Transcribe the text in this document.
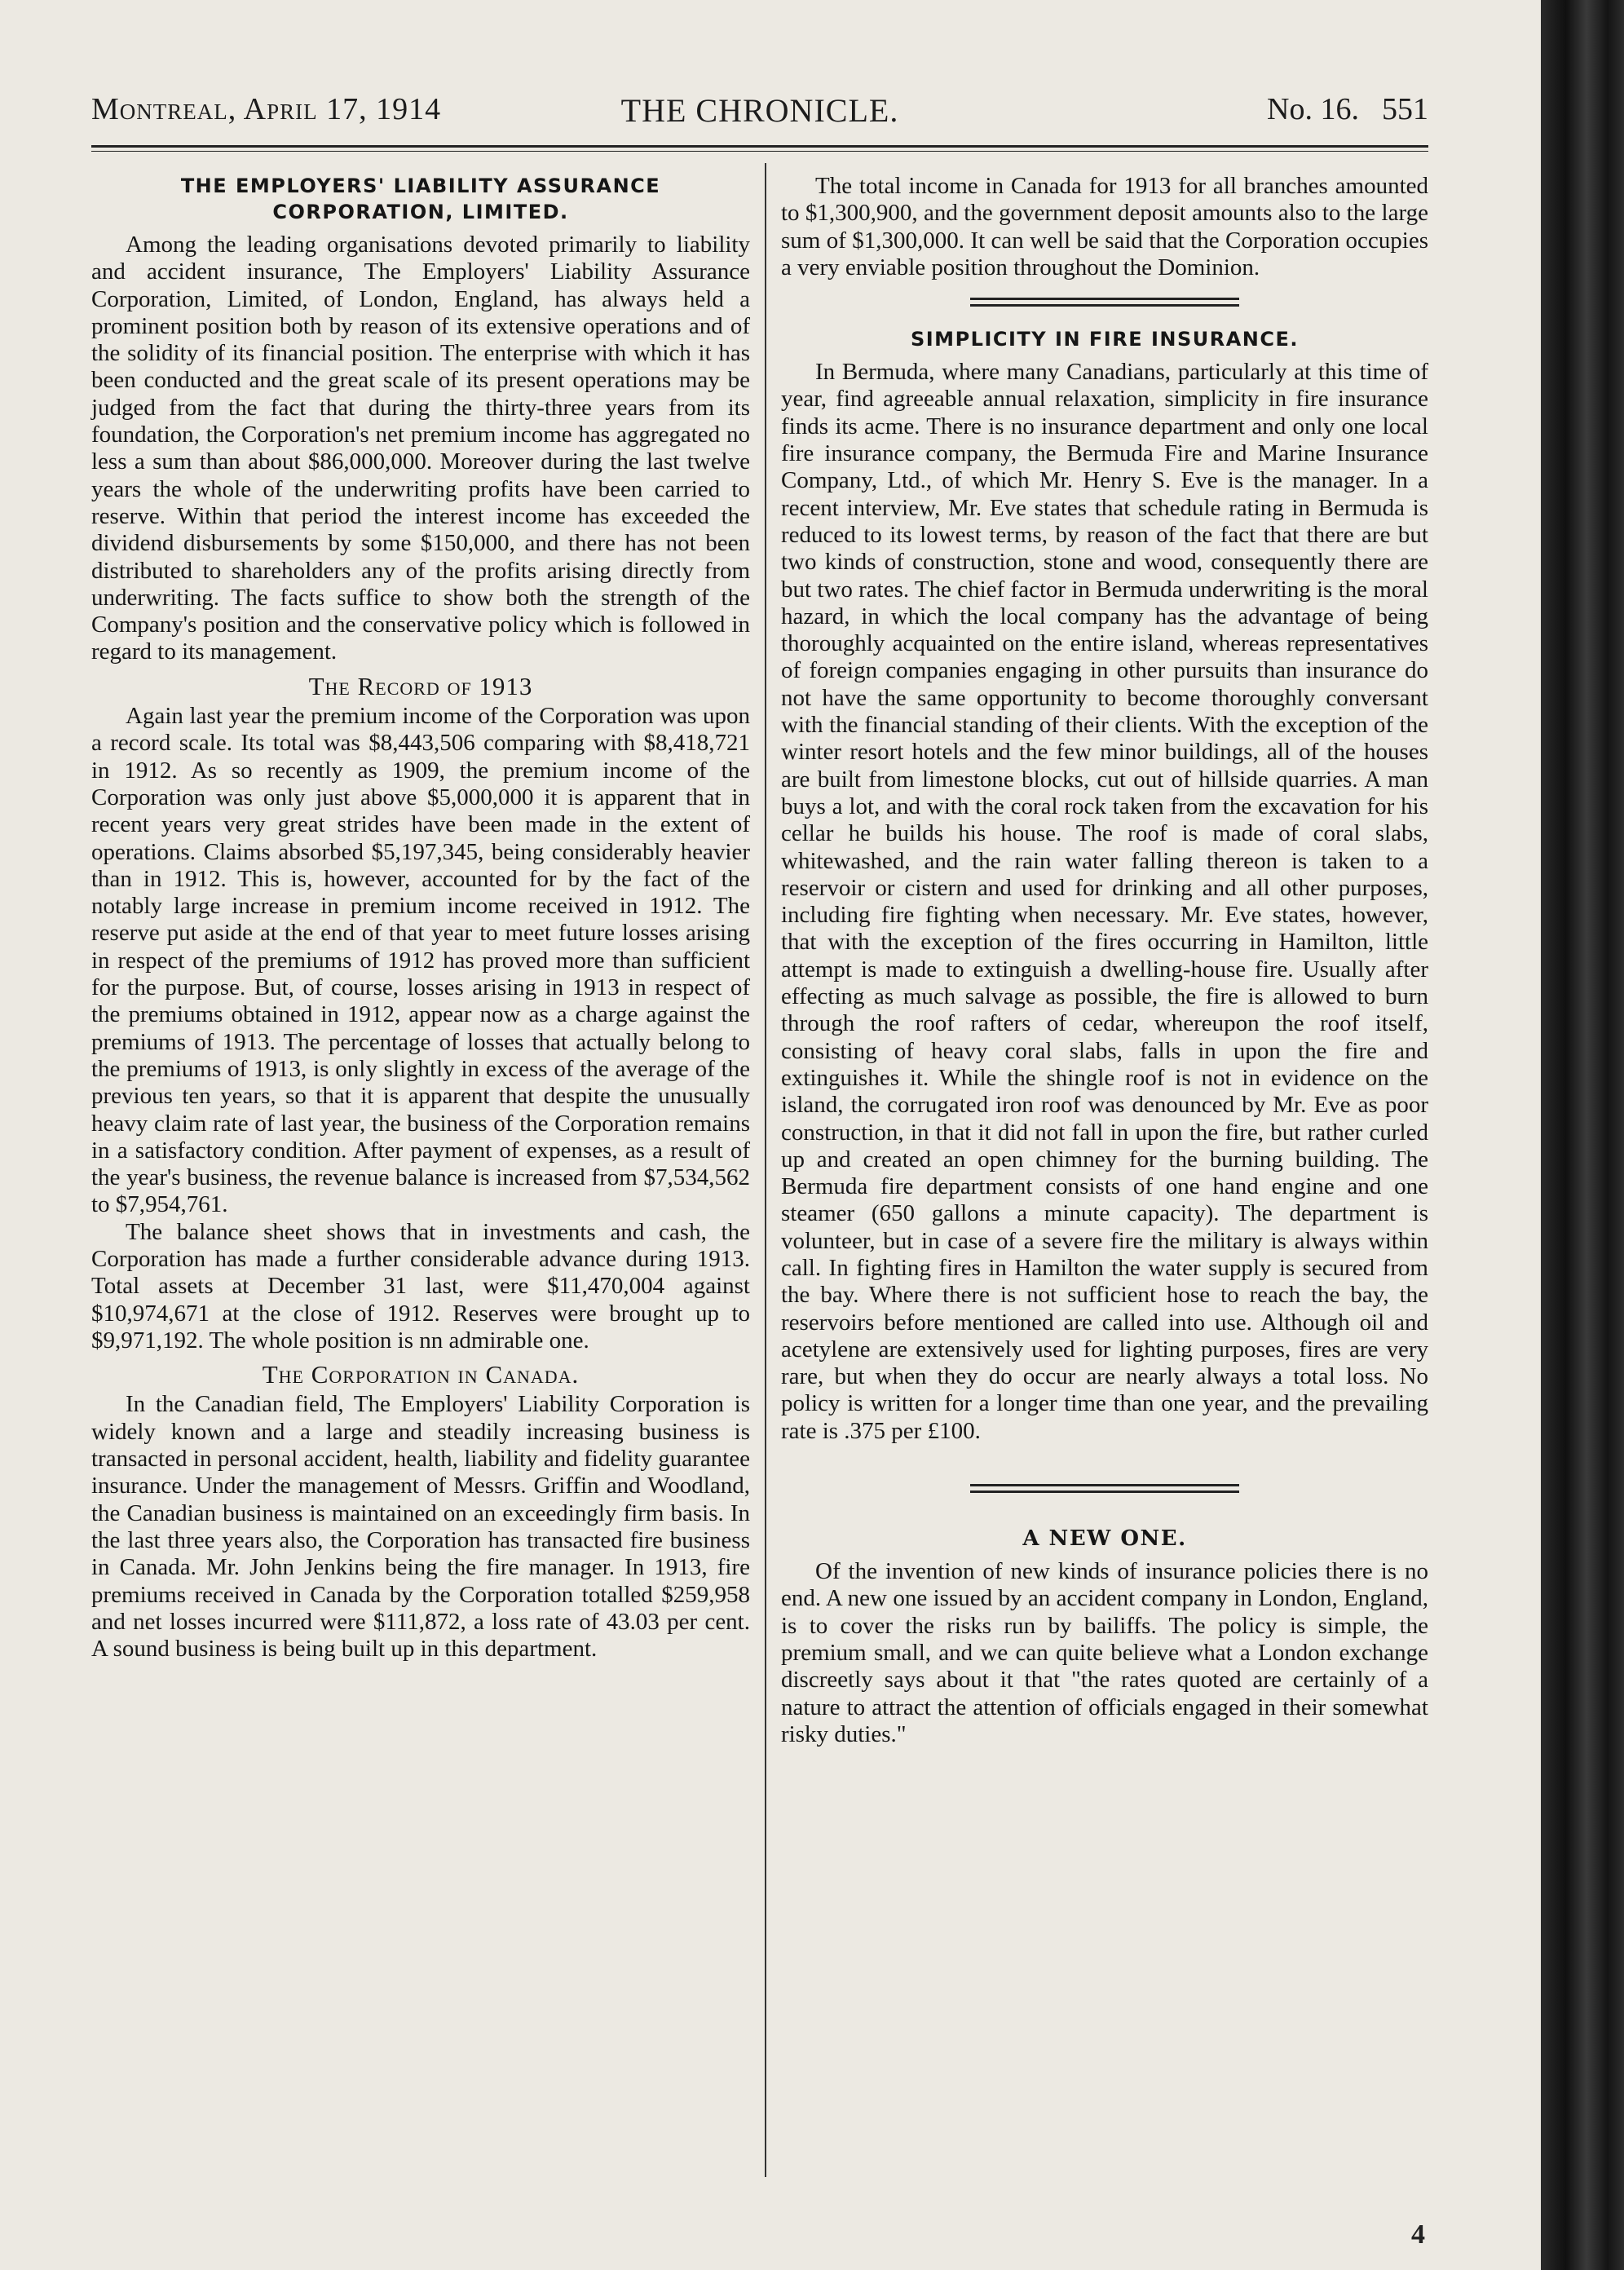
Montreal, April 17, 1914	THE CHRONICLE.	No. 16. 551
THE EMPLOYERS' LIABILITY ASSURANCE
CORPORATION, LIMITED.

Among the leading organisations devoted primarily to liability and accident insurance, The Employers' Liability Assurance Corporation, Limited, of London, England, has always held a prominent position both by reason of its extensive operations and of the solidity of its financial position. The enterprise with which it has been conducted and the great scale of its present operations may be judged from the fact that during the thirty-three years from its foundation, the Corporation's net premium income has aggregated no less a sum than about $86,000,000. Moreover during the last twelve years the whole of the underwriting profits have been carried to reserve. Within that period the interest income has exceeded the dividend disbursements by some $150,000, and there has not been distributed to shareholders any of the profits arising directly from underwriting. The facts suffice to show both the strength of the Company's position and the conservative policy which is followed in regard to its management.

The Record of 1913

Again last year the premium income of the Corporation was upon a record scale. Its total was $8,443,506 comparing with $8,418,721 in 1912. As so recently as 1909, the premium income of the Corporation was only just above $5,000,000 it is apparent that in recent years very great strides have been made in the extent of operations. Claims absorbed $5,197,345, being considerably heavier than in 1912. This is, however, accounted for by the fact of the notably large increase in premium income received in 1912. The reserve put aside at the end of that year to meet future losses arising in respect of the premiums of 1912 has proved more than sufficient for the purpose. But, of course, losses arising in 1913 in respect of the premiums obtained in 1912, appear now as a charge against the premiums of 1913. The percentage of losses that actually belong to the premiums of 1913, is only slightly in excess of the average of the previous ten years, so that it is apparent that despite the unusually heavy claim rate of last year, the business of the Corporation remains in a satisfactory condition. After payment of expenses, as a result of the year's business, the revenue balance is increased from $7,534,562 to $7,954,761.

The balance sheet shows that in investments and cash, the Corporation has made a further considerable advance during 1913. Total assets at December 31 last, were $11,470,004 against $10,974,671 at the close of 1912. Reserves were brought up to $9,971,192. The whole position is nn admirable one.

The Corporation in Canada.

In the Canadian field, The Employers' Liability Corporation is widely known and a large and steadily increasing business is transacted in personal accident, health, liability and fidelity guarantee insurance. Under the management of Messrs. Griffin and Woodland, the Canadian business is maintained on an exceedingly firm basis. In the last three years also, the Corporation has transacted fire business in Canada. Mr. John Jenkins being the fire manager. In 1913, fire premiums received in Canada by the Corporation totalled $259,958 and net losses incurred were $111,872, a loss rate of 43.03 per cent. A sound business is being built up in this department.

The total income in Canada for 1913 for all branches amounted to $1,300,900, and the government deposit amounts also to the large sum of $1,300,000. It can well be said that the Corporation occupies a very enviable position throughout the Dominion.

SIMPLICITY IN FIRE INSURANCE.

In Bermuda, where many Canadians, particularly at this time of year, find agreeable annual relaxation, simplicity in fire insurance finds its acme. There is no insurance department and only one local fire insurance company, the Bermuda Fire and Marine Insurance Company, Ltd., of which Mr. Henry S. Eve is the manager. In a recent interview, Mr. Eve states that schedule rating in Bermuda is reduced to its lowest terms, by reason of the fact that there are but two kinds of construction, stone and wood, consequently there are but two rates. The chief factor in Bermuda underwriting is the moral hazard, in which the local company has the advantage of being thoroughly acquainted on the entire island, whereas representatives of foreign companies engaging in other pursuits than insurance do not have the same opportunity to become thoroughly conversant with the financial standing of their clients. With the exception of the winter resort hotels and the few minor buildings, all of the houses are built from limestone blocks, cut out of hillside quarries. A man buys a lot, and with the coral rock taken from the excavation for his cellar he builds his house. The roof is made of coral slabs, whitewashed, and the rain water falling thereon is taken to a reservoir or cistern and used for drinking and all other purposes, including fire fighting when necessary. Mr. Eve states, however, that with the exception of the fires occurring in Hamilton, little attempt is made to extinguish a dwelling-house fire. Usually after effecting as much salvage as possible, the fire is allowed to burn through the roof rafters of cedar, whereupon the roof itself, consisting of heavy coral slabs, falls in upon the fire and extinguishes it. While the shingle roof is not in evidence on the island, the corrugated iron roof was denounced by Mr. Eve as poor construction, in that it did not fall in upon the fire, but rather curled up and created an open chimney for the burning building. The Bermuda fire department consists of one hand engine and one steamer (650 gallons a minute capacity). The department is volunteer, but in case of a severe fire the military is always within call. In fighting fires in Hamilton the water supply is secured from the bay. Where there is not sufficient hose to reach the bay, the reservoirs before mentioned are called into use. Although oil and acetylene are extensively used for lighting purposes, fires are very rare, but when they do occur are nearly always a total loss. No policy is written for a longer time than one year, and the prevailing rate is .375 per £100.

A NEW ONE.

Of the invention of new kinds of insurance policies there is no end. A new one issued by an accident company in London, England, is to cover the risks run by bailiffs. The policy is simple, the premium small, and we can quite believe what a London exchange discreetly says about it that "the rates quoted are certainly of a nature to attract the attention of officials engaged in their somewhat risky duties."

4
